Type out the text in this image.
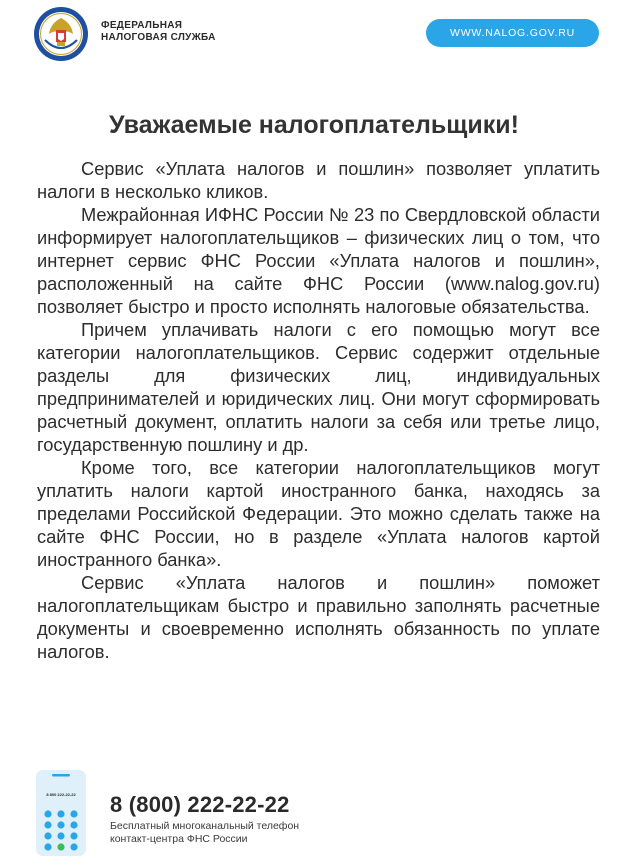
ФЕДЕРАЛЬНАЯ
НАЛОГОВАЯ СЛУЖБА	WWW.NALOG.GOV.RU
Уважаемые налогоплательщики!

Сервис «Уплата налогов и пошлин» позволяет уплатить налоги в несколько кликов.

Межрайонная ИФНС России № 23 по Свердловской области информирует налогоплательщиков – физических лиц о том, что интернет сервис ФНС России «Уплата налогов и пошлин», расположенный на сайте ФНС России (www.nalog.gov.ru) позволяет быстро и просто исполнять налоговые обязательства.

Причем уплачивать налоги с его помощью могут все категории налогоплательщиков. Сервис содержит отдельные разделы для физических лиц, индивидуальных предпринимателей и юридических лиц. Они могут сформировать расчетный документ, оплатить налоги за себя или третье лицо, государственную пошлину и др.

Кроме того, все категории налогоплательщиков могут уплатить налоги картой иностранного банка, находясь за пределами Российской Федерации. Это можно сделать также на сайте ФНС России, но в разделе «Уплата налогов картой иностранного банка».

Сервис «Уплата налогов и пошлин» поможет налогоплательщикам быстро и правильно заполнять расчетные документы и своевременно исполнять обязанность по уплате налогов.

8 800 222-22-22 8 (800) 222-22-22
Бесплатный многоканальный телефон
контакт-центра ФНС России
